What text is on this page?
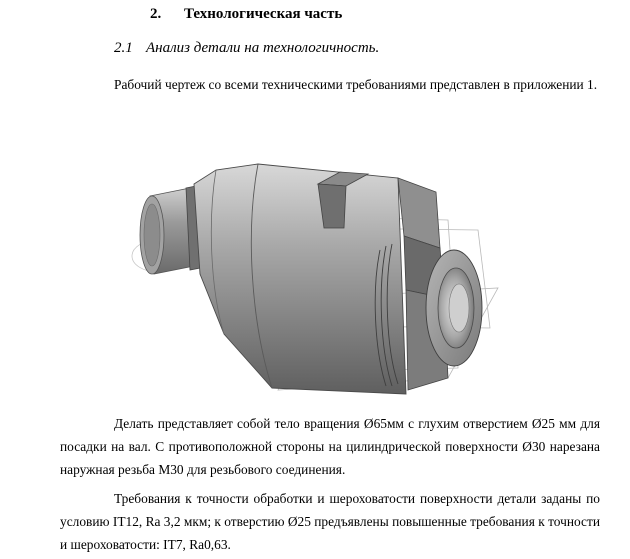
2. Технологическая часть
2.1 Анализ детали на технологичность.

Рабочий чертеж со всеми техническими требованиями представлен в приложении 1.

Делать представляет собой тело вращения Ø65мм с глухим отверстием Ø25 мм для посадки на вал. С противоположной стороны на цилиндрической поверхности Ø30 нарезана наружная резьба М30 для резьбового соединения.

Требования к точности обработки и шероховатости поверхности детали заданы по условию IT12, Ra 3,2 мкм; к отверстию Ø25 предъявлены повышенные требования к точности и шероховатости: IT7, Ra0,63.
